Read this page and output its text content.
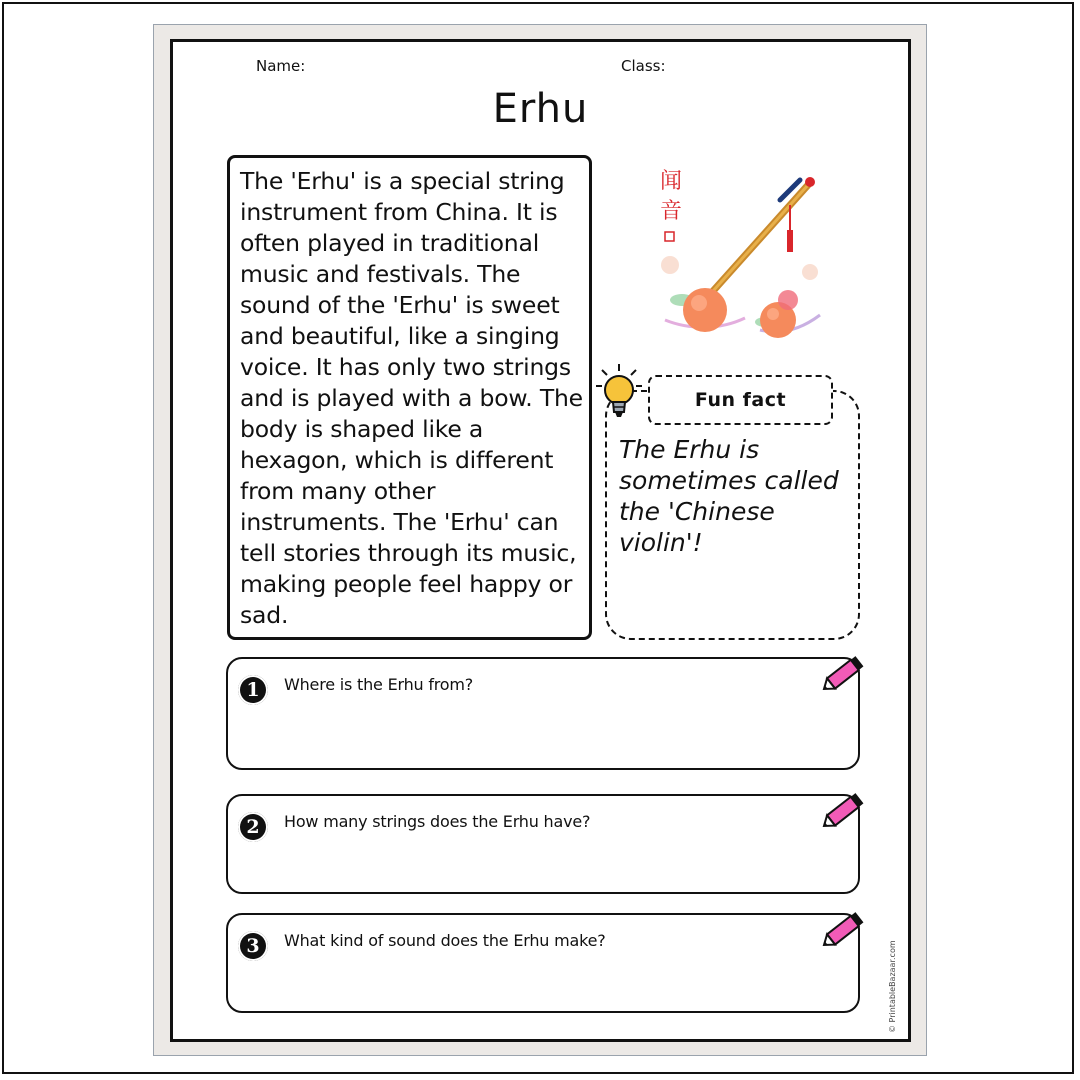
Name:	Class:
Erhu
The 'Erhu' is a special string
instrument from China. It is
often played in traditional
music and festivals. The
sound of the 'Erhu' is sweet
and beautiful, like a singing
voice. It has only two strings
and is played with a bow. The
body is shaped like a
hexagon, which is different
from many other
instruments. The 'Erhu' can
tell stories through its music,
making people feel happy or
sad.
闻
音
Fun fact
The Erhu is
sometimes called
the 'Chinese violin'!
1	Where is the Erhu from?
2	How many strings does the Erhu have?
3	What kind of sound does the Erhu make?	© PrintableBazaar.com
